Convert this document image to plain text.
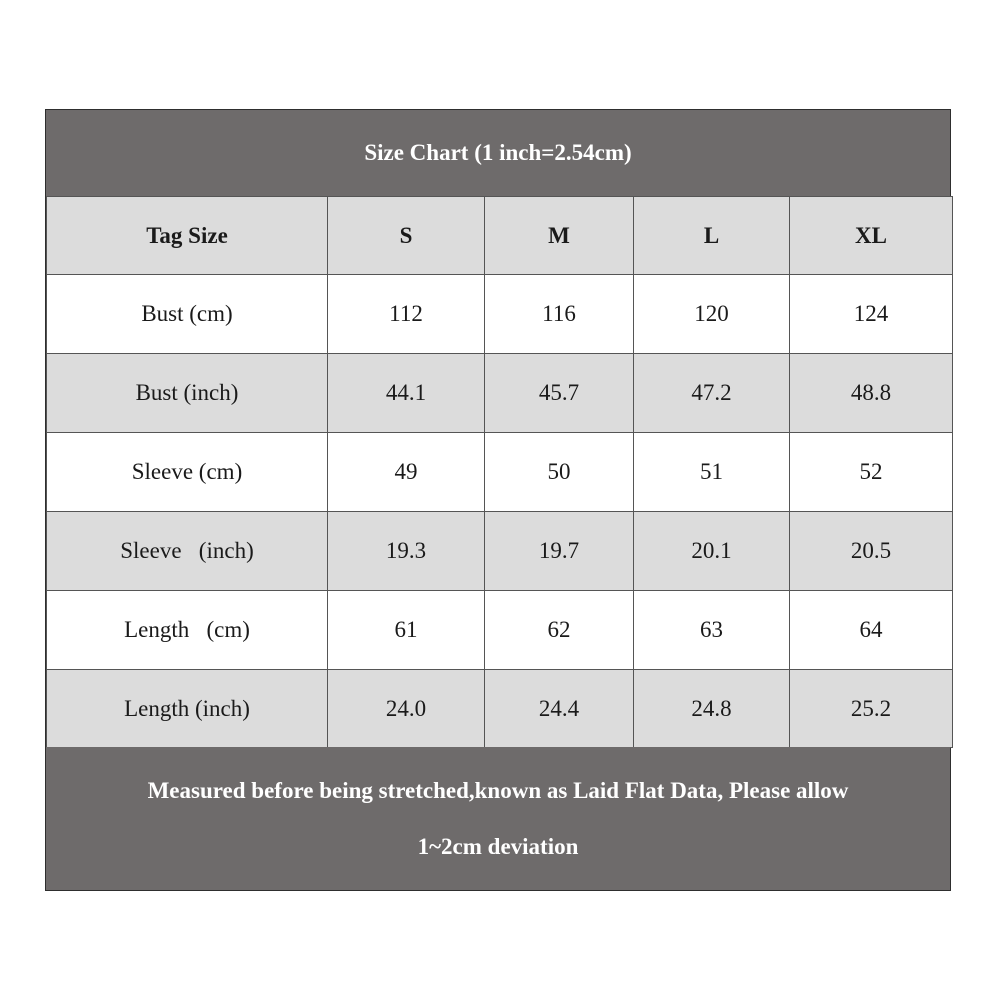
Size Chart (1 inch=2.54cm)
Tag Size	S	M	L	XL
Bust (cm)	112	116	120	124
Bust (inch)	44.1	45.7	47.2	48.8
Sleeve (cm)	49	50	51	52
Sleeve   (inch)	19.3	19.7	20.1	20.5
Length   (cm)	61	62	63	64
Length (inch)	24.0	24.4	24.8	25.2
Measured before being stretched,known as Laid Flat Data, Please allow
1~2cm deviation
